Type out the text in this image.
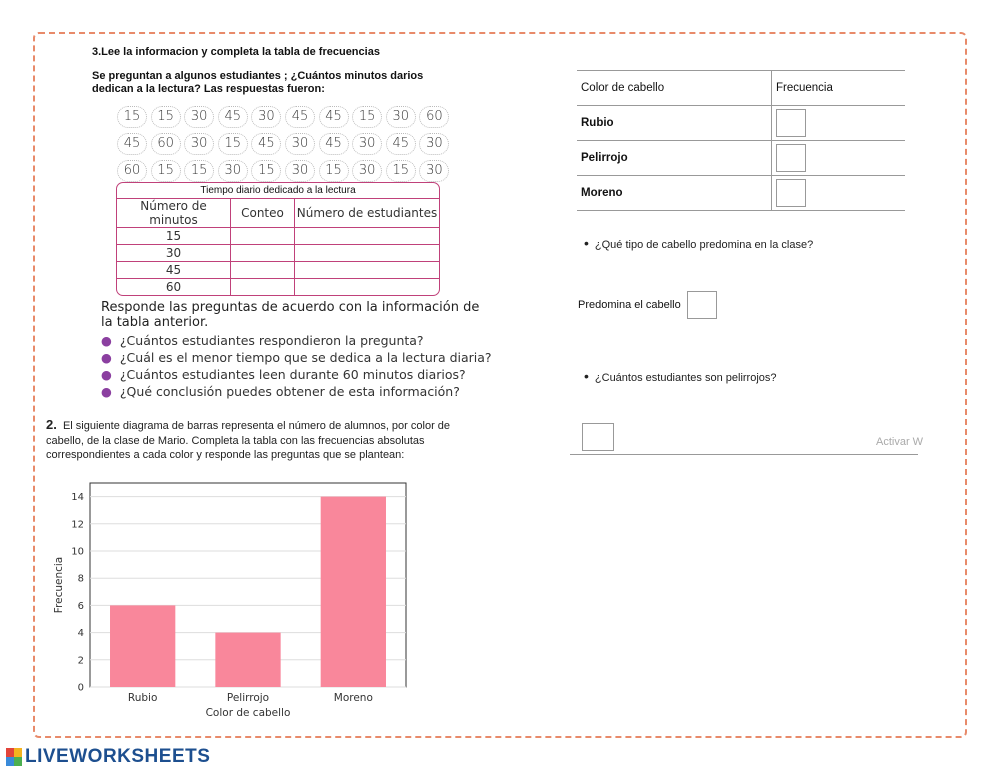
3.Lee la informacion y completa la tabla de frecuencias
Se preguntan a algunos estudiantes ; ¿Cuántos minutos darios dedican a la lectura? Las respuestas fueron:
15	15	30	45	30	45	45	15	30	60
45	60	30	15	45	30	45	30	45	30
60	15	15	30	15	30	15	30	15	30
Tiempo diario dedicado a la lectura
Número de minutos	Conteo	Número de estudiantes
15		
30		
45		
60		
Responde las preguntas de acuerdo con la información de la tabla anterior.
● ¿Cuántos estudiantes respondieron la pregunta?
● ¿Cuál es el menor tiempo que se dedica a la lectura diaria?
● ¿Cuántos estudiantes leen durante 60 minutos diarios?
● ¿Qué conclusión puedes obtener de esta información?
2. El siguiente diagrama de barras representa el número de alumnos, por color de cabello, de la clase de Mario. Completa la tabla con las frecuencias absolutas correspondientes a cada color y responde las preguntas que se plantean:
0
2
4
6
8
10
12
14
Rubio	Pelirrojo	Moreno
Color de cabello
Frecuencia
Color de cabello	Frecuencia
Rubio	
Pelirrojo	
Moreno	
• ¿Qué tipo de cabello predomina en la clase?
Predomina el cabello
• ¿Cuántos estudiantes son pelirrojos?
Activar W
LIVEWORKSHEETS
